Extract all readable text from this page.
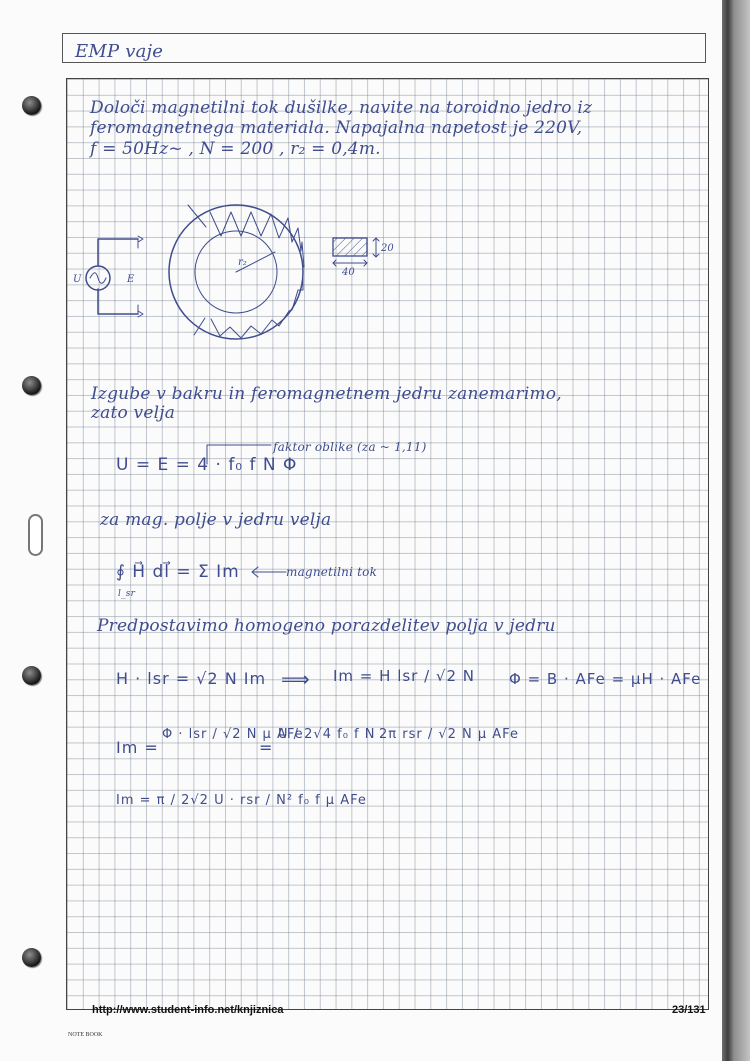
EMP vaje
Določi magnetilni tok dušilke, navite na toroidno jedro iz
feromagnetnega materiala. Napajalna napetost je 220V,
f = 50Hz~ , N = 200 , r₂ = 0,4m.
U	E
r₂
20
40
Izgube v bakru in feromagnetnem jedru zanemarimo,
zato velja
faktor oblike (za ~ 1,11)
U = E = 4 · f₀ f N Φ
za mag. polje v jedru velja
∮ H⃗ dl⃗ = Σ Im
l_sr
magnetilni tok
Predpostavimo homogeno porazdelitev polja v jedru
H · lsr = √2 N Im ⟹ Im = H lsr / √2 N Φ = B · AFe = μH · AFe
Im =
Φ · lsr / √2 N μ AFe
=
U / 2√4 f₀ f N 2π rsr / √2 N μ AFe
Im = π / 2√2 U · rsr / N² f₀ f μ AFe
http://www.student-info.net/knjiznica	23/131
NOTE BOOK
